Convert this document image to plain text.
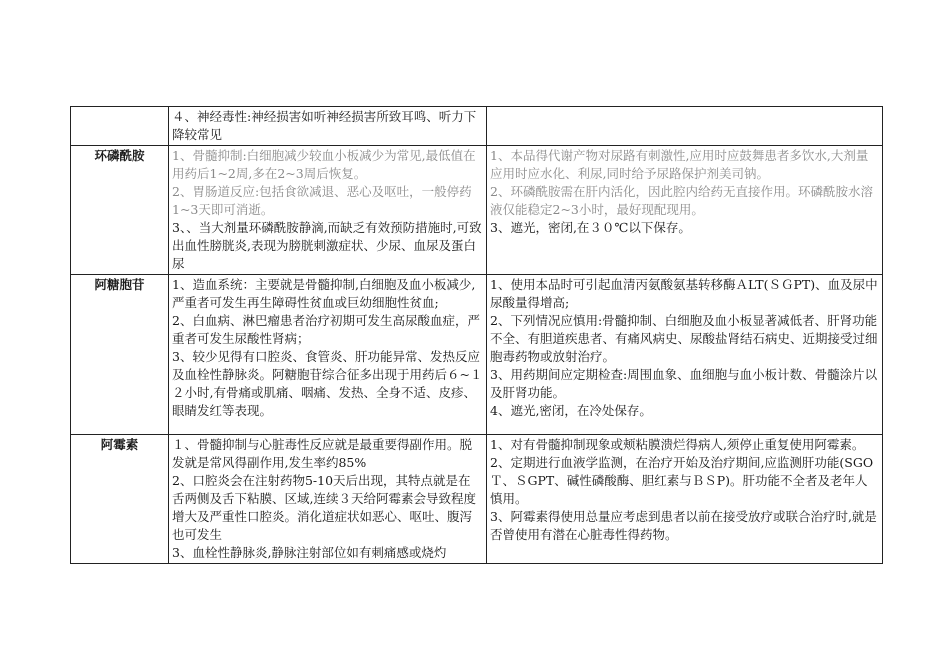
	４、神经毒性:神经损害如听神经损害所致耳鸣、听力下降较常见	

环磷酰胺	1、骨髓抑制:白细胞减少较血小板减少为常见,最低值在用药后1~2周,多在2~3周后恢复。
2、胃肠道反应:包括食欲减退、恶心及呕吐，一般停药1~3天即可消逝。
3、、当大剂量环磷酰胺静滴,而缺乏有效预防措施时,可致出血性膀胱炎,表现为膀胱刺激症状、少尿、血尿及蛋白尿	1、本品得代谢产物对尿路有刺激性,应用时应鼓舞患者多饮水,大剂量应用时应水化、利尿,同时给予尿路保护剂美司钠。
2、环磷酰胺需在肝内活化，因此腔内给药无直接作用。环磷酰胺水溶液仅能稳定2~3小时，最好现配现用。
3、遮光，密闭,在３０℃以下保存。

阿糖胞苷	1、造血系统：主要就是骨髓抑制,白细胞及血小板减少,严重者可发生再生障碍性贫血或巨幼细胞性贫血;
2、白血病、淋巴瘤患者治疗初期可发生高尿酸血症，严重者可发生尿酸性肾病；
3、较少见得有口腔炎、食管炎、肝功能异常、发热反应及血栓性静脉炎。阿糖胞苷综合征多出现于用药后６~１２小时,有骨痛或肌痛、咽痛、发热、全身不适、皮疹、眼睛发红等表现。	1、使用本品时可引起血清丙氨酸氨基转移酶ＡLT(ＳＧPT)、血及尿中尿酸量得增高;
2、下列情况应慎用:骨髓抑制、白细胞及血小板显著减低者、肝肾功能不全、有胆道疾患者、有痛风病史、尿酸盐肾结石病史、近期接受过细胞毒药物或放射治疗。
3、用药期间应定期检查:周围血象、血细胞与血小板计数、骨髓涂片以及肝肾功能。
4、遮光,密闭，在冷处保存。

阿霉素	１、骨髓抑制与心脏毒性反应就是最重要得副作用。脱发就是常风得副作用,发生率约85%
2、口腔炎会在注射药物5-10天后出现，其特点就是在舌两侧及舌下粘膜、区域,连续３天给阿霉素会导致程度增大及严重性口腔炎。消化道症状如恶心、呕吐、腹泻也可发生
3、血栓性静脉炎,静脉注射部位如有刺痛感或烧灼	1、对有骨髓抑制现象或颊粘膜溃烂得病人,须停止重复使用阿霉素。
2、定期进行血液学监测，在治疗开始及治疗期间,应监测肝功能(SGOＴ、ＳGPT、碱性磷酸酶、胆红素与ＢＳP)。肝功能不全者及老年人慎用。
3、阿霉素得使用总量应考虑到患者以前在接受放疗或联合治疗时,就是否曾使用有潜在心脏毒性得药物。
